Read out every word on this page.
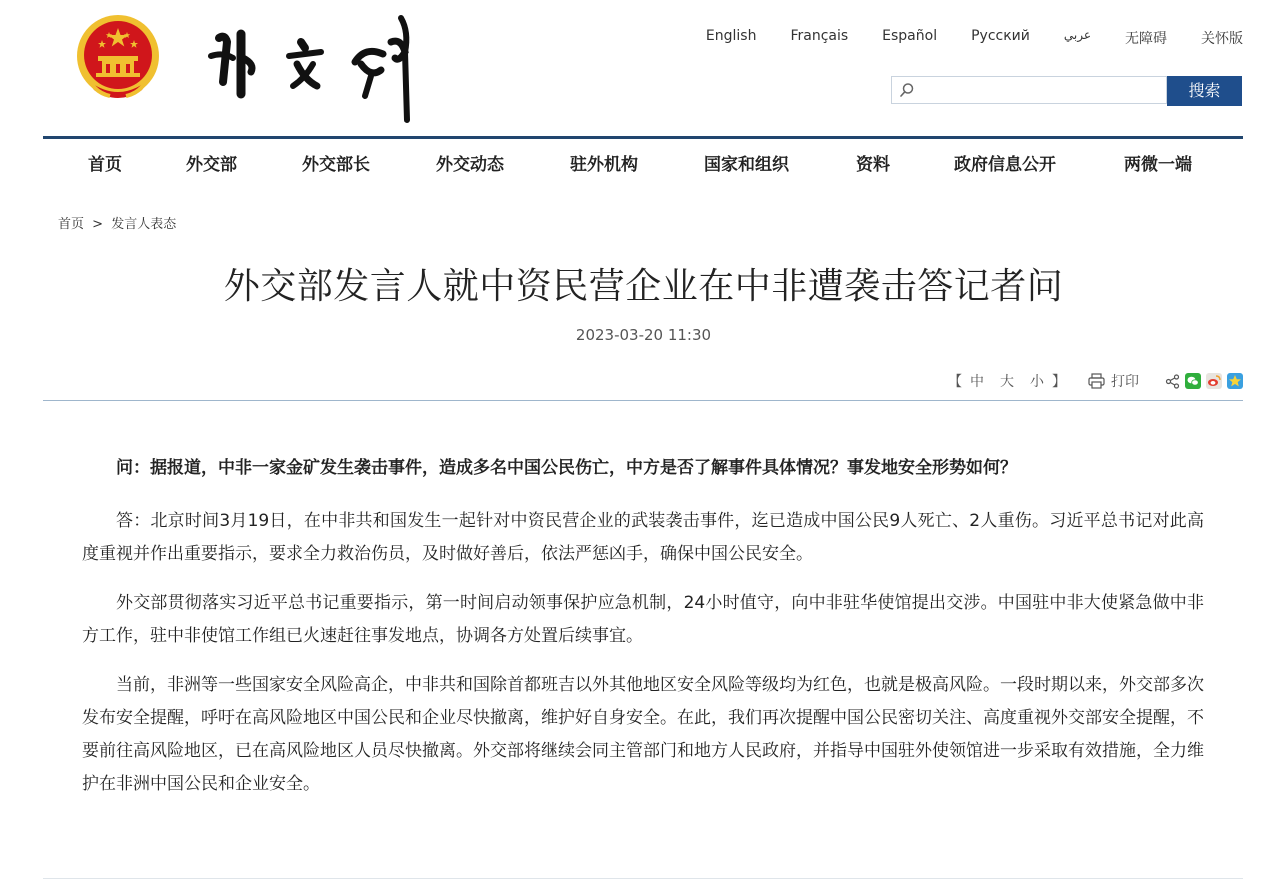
English Français Español Русский	عربي 无障碍 关怀版
搜索
首页	外交部	外交部长	外交动态	驻外机构	国家和组织	资料	政府信息公开	两微一端
首页 > 发言人表态
外交部发言人就中资民营企业在中非遭袭击答记者问
2023-03-20 11:30
【 中 大 小 】	打印

问：据报道，中非一家金矿发生袭击事件，造成多名中国公民伤亡，中方是否了解事件具体情况？事发地安全形势如何？

答：北京时间3月19日，在中非共和国发生一起针对中资民营企业的武装袭击事件，迄已造成中国公民9人死亡、2人重伤。习近平总书记对此高度重视并作出重要指示，要求全力救治伤员，及时做好善后，依法严惩凶手，确保中国公民安全。

外交部贯彻落实习近平总书记重要指示，第一时间启动领事保护应急机制，24小时值守，向中非驻华使馆提出交涉。中国驻中非大使紧急做中非方工作，驻中非使馆工作组已火速赶往事发地点，协调各方处置后续事宜。

当前，非洲等一些国家安全风险高企，中非共和国除首都班吉以外其他地区安全风险等级均为红色，也就是极高风险。一段时期以来，外交部多次发布安全提醒，呼吁在高风险地区中国公民和企业尽快撤离，维护好自身安全。在此，我们再次提醒中国公民密切关注、高度重视外交部安全提醒，不要前往高风险地区，已在高风险地区人员尽快撤离。外交部将继续会同主管部门和地方人民政府，并指导中国驻外使领馆进一步采取有效措施，全力维护在非洲中国公民和企业安全。
